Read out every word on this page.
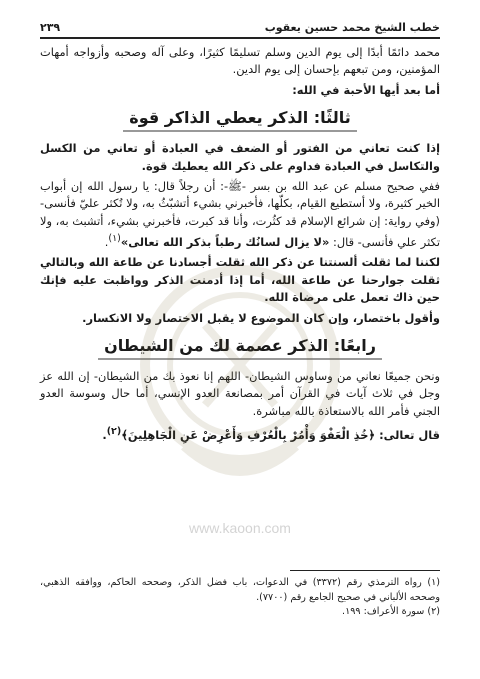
خطب الشيخ محمد حسين يعقوب
٢٣٩

محمد دائمًا أبدًا إلى يوم الدين وسلم تسليمًا كثيرًا، وعلى آله وصحبه وأزواجه أمهات المؤمنين، ومن تبعهم بإحسان إلى يوم الدين.

أما بعد أيها الأحبة في الله:

ثالثًا: الذكر يعطي الذاكر قوة

إذا كنت تعاني من الفتور أو الضعف في العبادة أو تعاني من الكسل والتكاسل في العبادة فداوم على ذكر الله يعطيك قوة.

ففي صحيح مسلم عن عبد الله بن بسر -ﷺ-: أن رجلاً قال: يا رسول الله إن أبواب الخير كثيرة، ولا أستطيع القيام، بكلّها، فأخبرني بشيء أتشبّثُ به، ولا تُكثر عليّ فأنسى- (وفي رواية: إن شرائع الإسلام قد كثُرت، وأنا قد كبرت، فأخبرني بشيء، أتشبث به، ولا تكثر علي فأنسى- قال: «لا يزال لسانُك رطباً بذكر الله تعالى»$^{(١)}$.

لكننا لما ثقلت ألسنتنا عن ذكر الله ثقلت أجسادنا عن طاعة الله وبالتالي ثقلت جوارحنا عن طاعة الله، أما إذا أدمنت الذكر وواظبت عليه فإنك حين ذاك تعمل على مرضاة الله.

وأقول باختصار، وإن كان الموضوع لا يقبل الاختصار ولا الانكسار.

رابعًا: الذكر عصمة لك من الشيطان

ونحن جميعًا نعاني من وساوس الشيطان- اللهم إنا نعوذ بك من الشيطان- إن الله عز وجل في ثلاث آيات في القرآن أمر بمصانعة العدو الإنسي، أما حال وسوسة العدو الجني فأمر الله بالاستعاذة بالله مباشرة.

قال تعالى: ﴿خُذِ الْعَفْوَ وَأْمُرْ بِالْعُرْفِ وَأَعْرِضْ عَنِ الْجَاهِلِينَ﴾$^{(٢)}$.

(١) رواه الترمذي رقم (٣٣٧٢) في الدعوات، باب فضل الذكر، وصححه الحاكم، ووافقه الذهبي، وصححه الألباني في صحيح الجامع رقم (٧٧٠٠).

(٢) سورة الأعراف: ١٩٩.

www.kaoon.com
